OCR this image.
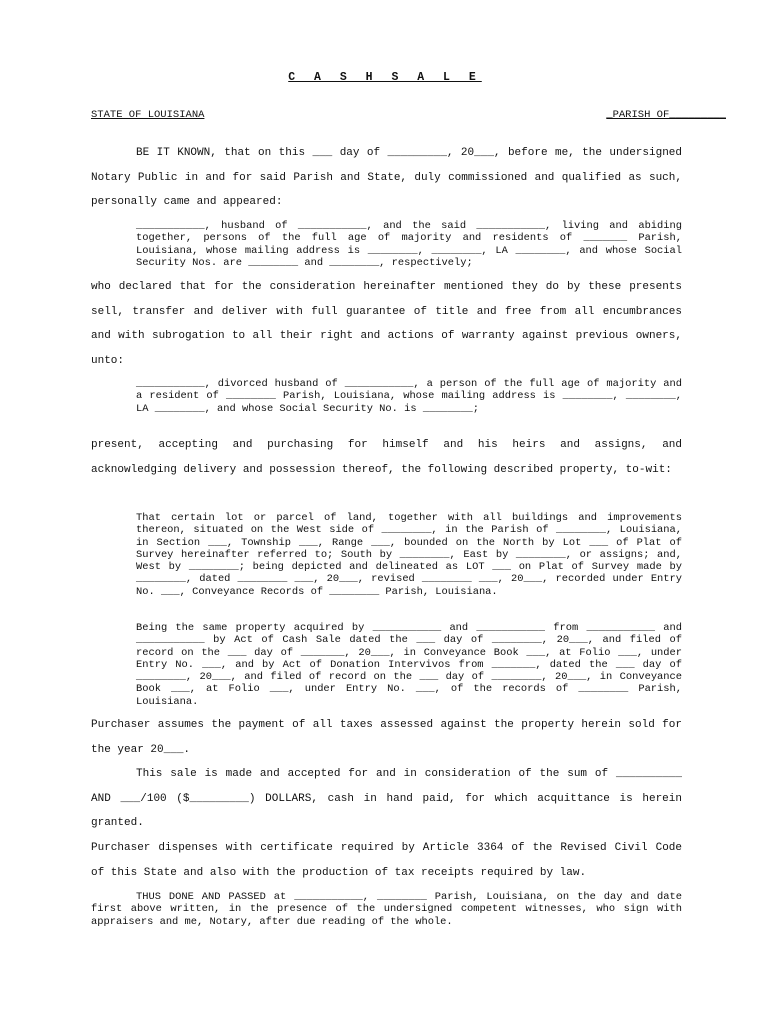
C A S H S A L E
STATE OF LOUISIANA	_PARISH OF_________
BE IT KNOWN, that on this ___ day of _________, 20___, before me, the undersigned Notary Public in and for said Parish and State, duly commissioned and qualified as such, personally came and appeared:
___________, husband of ___________, and the said ___________, living and abiding together, persons of the full age of majority and residents of _______ Parish, Louisiana, whose mailing address is ________, ________, LA ________, and whose Social Security Nos. are ________ and ________, respectively;
who declared that for the consideration hereinafter mentioned they do by these presents sell, transfer and deliver with full guarantee of title and free from all encumbrances and with subrogation to all their right and actions of warranty against previous owners, unto:
___________, divorced husband of ___________, a person of the full age of majority and a resident of ________ Parish, Louisiana, whose mailing address is ________, ________, LA ________, and whose Social Security No. is ________;
present, accepting and purchasing for himself and his heirs and assigns, and acknowledging delivery and possession thereof, the following described property, to-wit:
That certain lot or parcel of land, together with all buildings and improvements thereon, situated on the West side of ________, in the Parish of ________, Louisiana, in Section ___, Township ___, Range ___, bounded on the North by Lot ___ of Plat of Survey hereinafter referred to; South by ________, East by ________, or assigns; and, West by ________; being depicted and delineated as LOT ___ on Plat of Survey made by ________, dated ________ ___, 20___, revised ________ ___, 20___, recorded under Entry No. ___, Conveyance Records of ________ Parish, Louisiana.
Being the same property acquired by ___________ and ___________ from ___________ and ___________ by Act of Cash Sale dated the ___ day of ________, 20___, and filed of record on the ___ day of _______, 20___, in Conveyance Book ___, at Folio ___, under Entry No. ___, and by Act of Donation Intervivos from _______, dated the ___ day of ________, 20___, and filed of record on the ___ day of ________, 20___, in Conveyance Book ___, at Folio ___, under Entry No. ___, of the records of ________ Parish, Louisiana.
Purchaser assumes the payment of all taxes assessed against the property herein sold for the year 20___.
This sale is made and accepted for and in consideration of the sum of __________ AND ___/100 ($_________) DOLLARS, cash in hand paid, for which acquittance is herein granted.
Purchaser dispenses with certificate required by Article 3364 of the Revised Civil Code of this State and also with the production of tax receipts required by law.
THUS DONE AND PASSED at ___________, ________ Parish, Louisiana, on the day and date first above written, in the presence of the undersigned competent witnesses, who sign with appraisers and me, Notary, after due reading of the whole.
